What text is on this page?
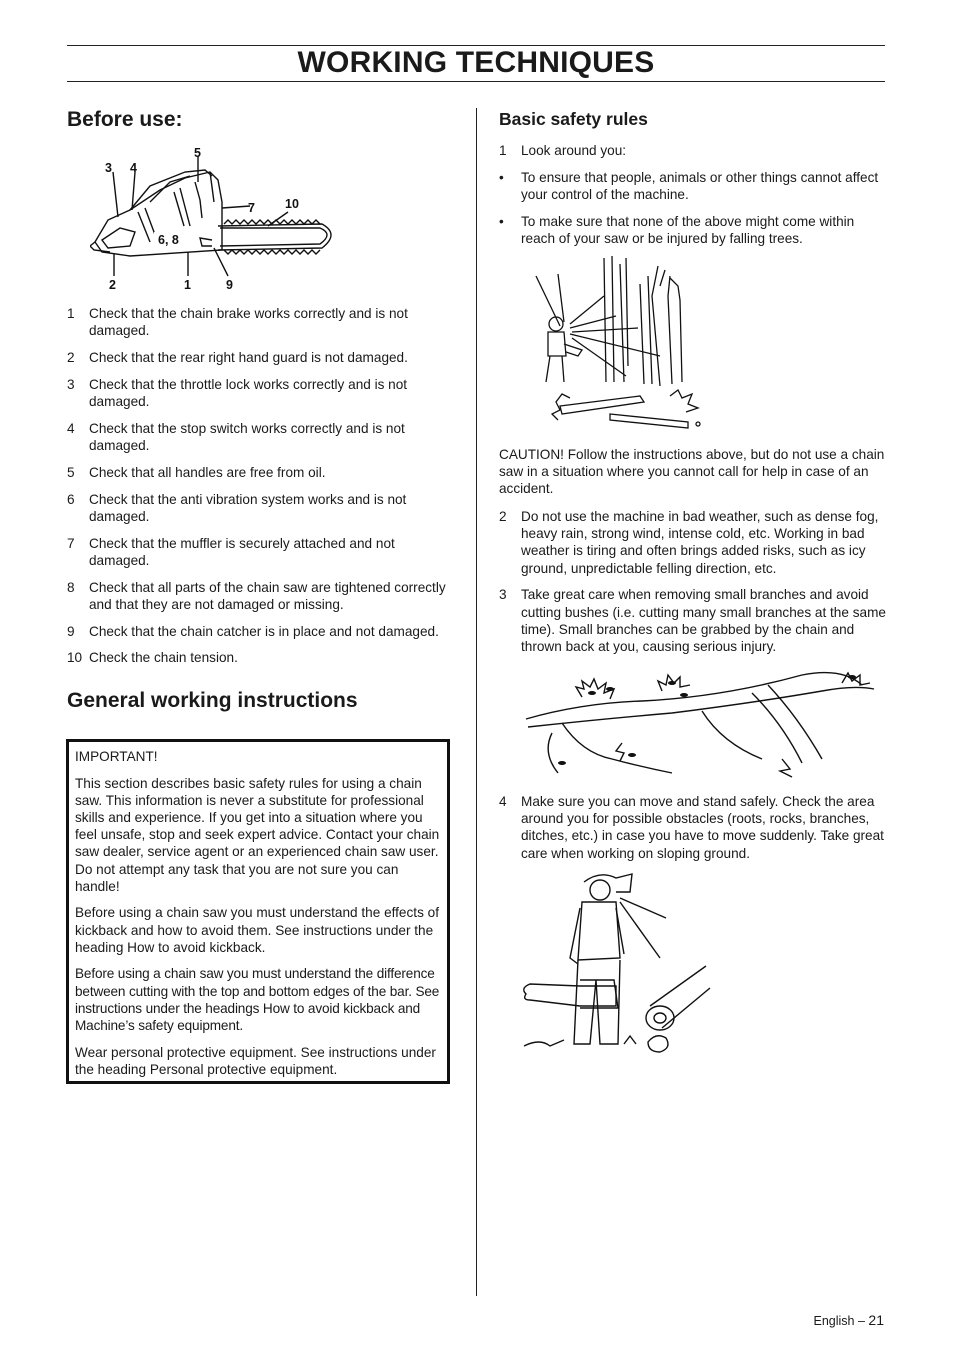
WORKING TECHNIQUES
Before use:
3 4
5
7 10
6, 8
2	1	9
1 Check that the chain brake works correctly and is not damaged.
2 Check that the rear right hand guard is not damaged.
3 Check that the throttle lock works correctly and is not damaged.
4 Check that the stop switch works correctly and is not damaged.
5 Check that all handles are free from oil.
6 Check that the anti vibration system works and is not damaged.
7 Check that the muffler is securely attached and not damaged.
8 Check that all parts of the chain saw are tightened correctly and that they are not damaged or missing.
9 Check that the chain catcher is in place and not damaged.
10 Check the chain tension.
General working instructions

IMPORTANT!

This section describes basic safety rules for using a chain saw. This information is never a substitute for professional skills and experience. If you get into a situation where you feel unsafe, stop and seek expert advice. Contact your chain saw dealer, service agent or an experienced chain saw user. Do not attempt any task that you are not sure you can handle!

Before using a chain saw you must understand the effects of kickback and how to avoid them. See instructions under the heading How to avoid kickback.

Before using a chain saw you must understand the difference between cutting with the top and bottom edges of the bar. See instructions under the headings How to avoid kickback and Machine’s safety equipment.

Wear personal protective equipment. See instructions under the heading Personal protective equipment.

Basic safety rules
1 Look around you:
• To ensure that people, animals or other things cannot affect your control of the machine.
• To make sure that none of the above might come within reach of your saw or be injured by falling trees.

CAUTION! Follow the instructions above, but do not use a chain saw in a situation where you cannot call for help in case of an accident.

2 Do not use the machine in bad weather, such as dense fog, heavy rain, strong wind, intense cold, etc. Working in bad weather is tiring and often brings added risks, such as icy ground, unpredictable felling direction, etc.
3 Take great care when removing small branches and avoid cutting bushes (i.e. cutting many small branches at the same time). Small branches can be grabbed by the chain and thrown back at you, causing serious injury.
4 Make sure you can move and stand safely. Check the area around you for possible obstacles (roots, rocks, branches, ditches, etc.) in case you have to move suddenly. Take great care when working on sloping ground.
English – 21
